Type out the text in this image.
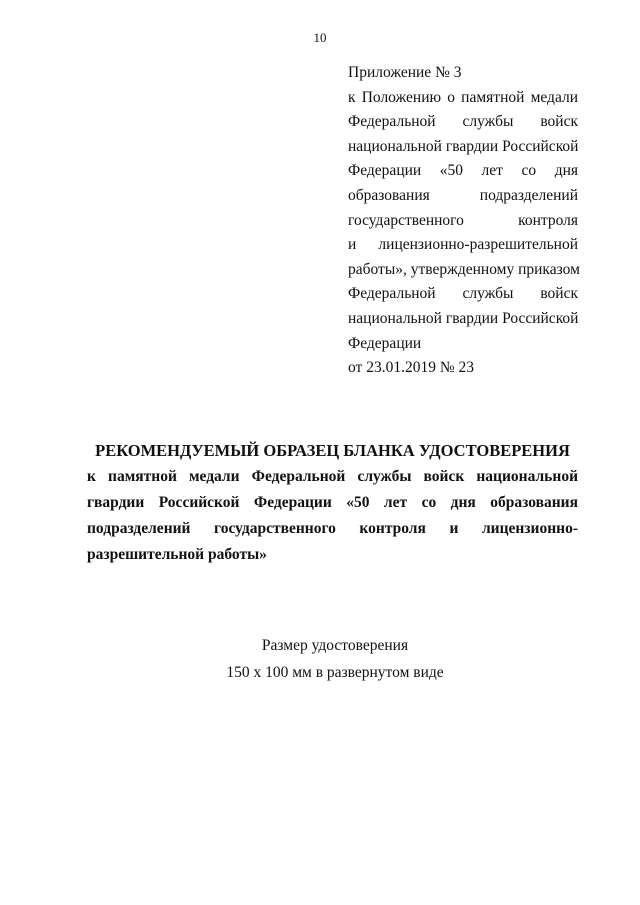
10
Приложение № 3
к Положению о памятной медали
Федеральной службы войск
национальной гвардии Российской
Федерации «50 лет со дня
образования подразделений
государственного контроля
и лицензионно-разрешительной
работы», утвержденному приказом
Федеральной службы войск
национальной гвардии Российской
Федерации
от 23.01.2019 № 23
РЕКОМЕНДУЕМЫЙ ОБРАЗЕЦ БЛАНКА УДОСТОВЕРЕНИЯ
к памятной медали Федеральной службы войск национальной
гвардии Российской Федерации «50 лет со дня образования
подразделений государственного контроля и лицензионно-
разрешительной работы»
Размер удостоверения
150 х 100 мм в развернутом виде
